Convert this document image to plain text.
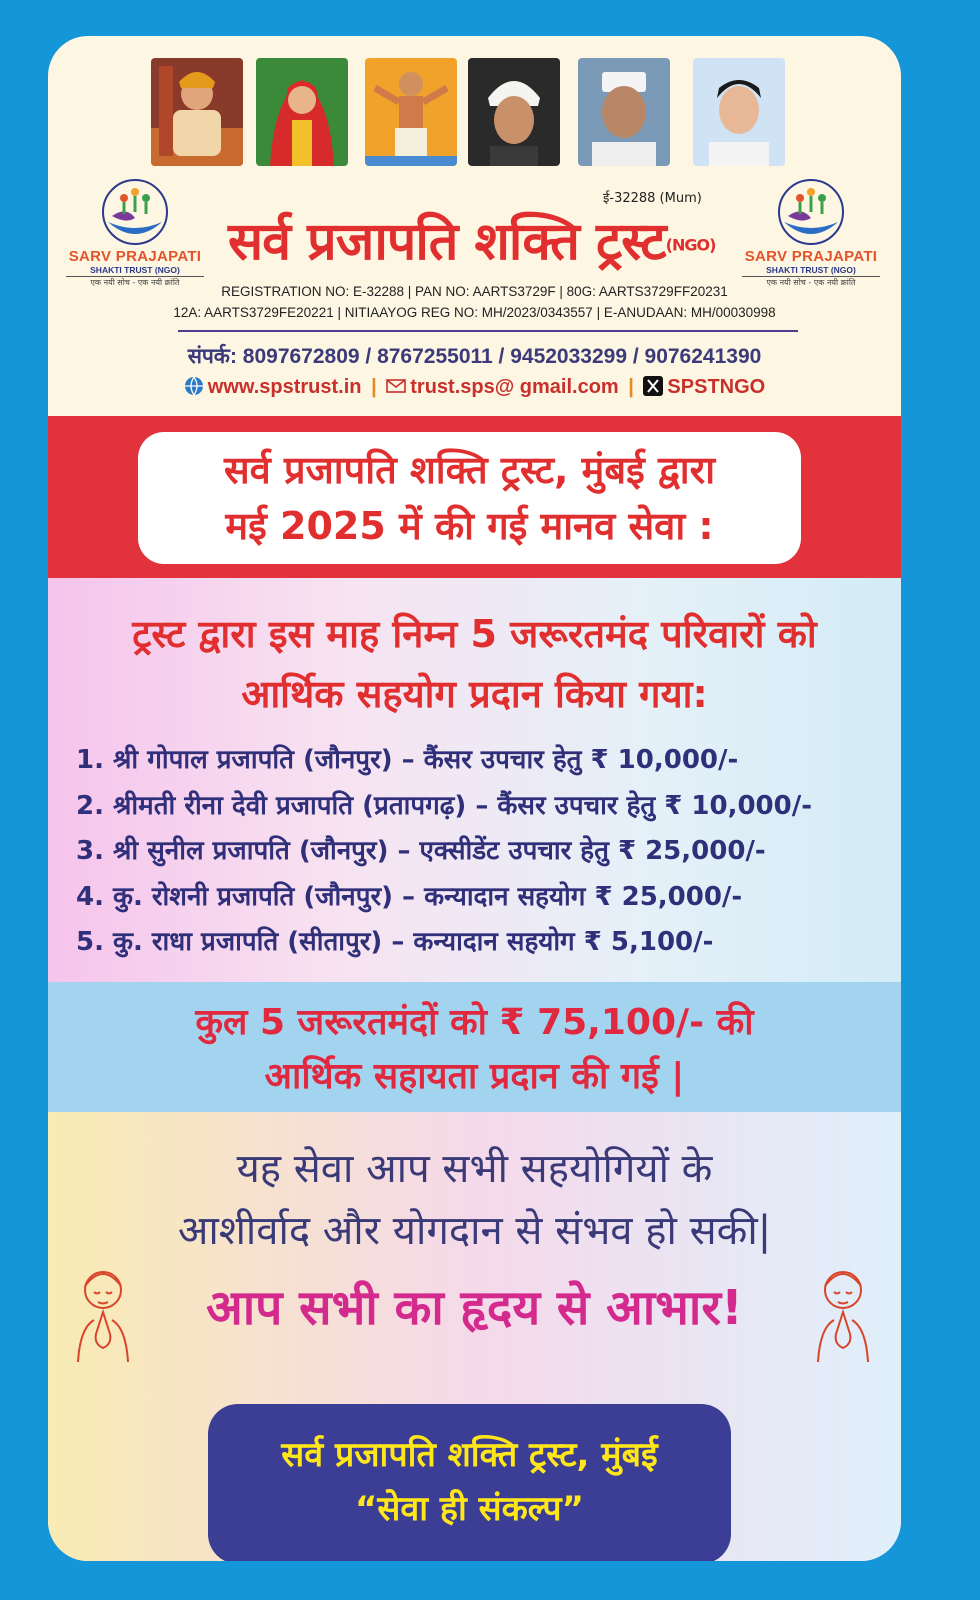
SARV PRAJAPATI
SHAKTI TRUST (NGO)
एक नयी सोच - एक नयी क्रांति
SARV PRAJAPATI
SHAKTI TRUST (NGO)
एक नयी सोच - एक नयी क्रांति
ई-32288 (Mum)
सर्व प्रजापति शक्ति ट्रस्ट(NGO)
REGISTRATION NO: E-32288 | PAN NO: AARTS3729F | 80G: AARTS3729FF20231
12A: AARTS3729FE20221 | NITIAAYOG REG NO: MH/2023/0343557 | E-ANUDAAN: MH/00030998
संपर्क: 8097672809 / 8767255011 / 9452033299 / 9076241390
www.spstrust.in | trust.sps@ gmail.com | SPSTNGO
सर्व प्रजापति शक्ति ट्रस्ट, मुंबई द्वारा
मई 2025 में की गई मानव सेवा :
ट्रस्ट द्वारा इस माह निम्न 5 जरूरतमंद परिवारों को
आर्थिक सहयोग प्रदान किया गया:
1. श्री गोपाल प्रजापति (जौनपुर) – कैंसर उपचार हेतु ₹ 10,000/-
2. श्रीमती रीना देवी प्रजापति (प्रतापगढ़) – कैंसर उपचार हेतु ₹ 10,000/-
3. श्री सुनील प्रजापति (जौनपुर) – एक्सीडेंट उपचार हेतु ₹ 25,000/-
4. कु. रोशनी प्रजापति (जौनपुर) – कन्यादान सहयोग ₹ 25,000/-
5. कु. राधा प्रजापति (सीतापुर) – कन्यादान सहयोग ₹ 5,100/-
कुल 5 जरूरतमंदों को ₹ 75,100/- की
आर्थिक सहायता प्रदान की गई |
यह सेवा आप सभी सहयोगियों के
आशीर्वाद और योगदान से संभव हो सकी|
आप सभी का हृदय से आभार!
सर्व प्रजापति शक्ति ट्रस्ट, मुंबई
“सेवा ही संकल्प”
